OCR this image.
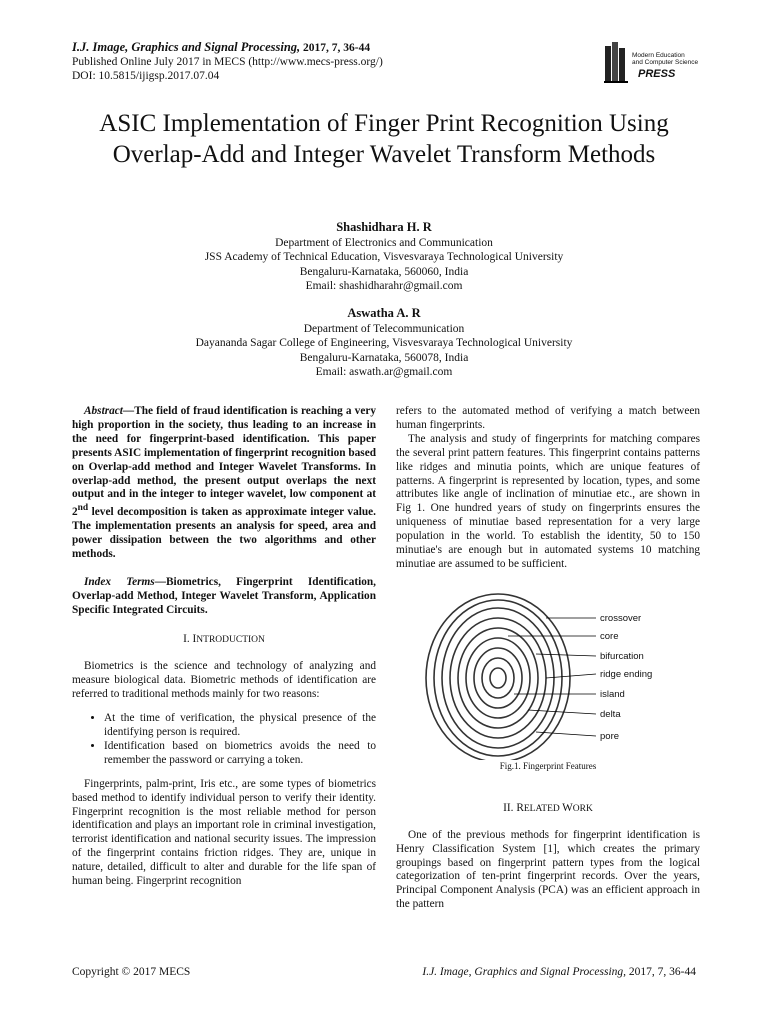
I.J. Image, Graphics and Signal Processing, 2017, 7, 36-44
Published Online July 2017 in MECS (http://www.mecs-press.org/)
DOI: 10.5815/ijigsp.2017.07.04
Modern Education
and Computer Science
PRESS
ASIC Implementation of Finger Print Recognition Using Overlap-Add and Integer Wavelet Transform Methods
Shashidhara H. R
Department of Electronics and Communication
JSS Academy of Technical Education, Visvesvaraya Technological University
Bengaluru-Karnataka, 560060, India
Email: shashidharahr@gmail.com
Aswatha A. R
Department of Telecommunication
Dayananda Sagar College of Engineering, Visvesvaraya Technological University
Bengaluru-Karnataka, 560078, India
Email: aswath.ar@gmail.com

Abstract—The field of fraud identification is reaching a very high proportion in the society, thus leading to an increase in the need for fingerprint-based identification. This paper presents ASIC implementation of fingerprint recognition based on Overlap-add method and Integer Wavelet Transforms. In overlap-add method, the present output overlaps the next output and in the integer to integer wavelet, low component at 2nd level decomposition is taken as approximate integer value. The implementation presents an analysis for speed, area and power dissipation between the two algorithms and other methods.

Index Terms—Biometrics, Fingerprint Identification, Overlap-add Method, Integer Wavelet Transform, Application Specific Integrated Circuits.

I. INTRODUCTION

Biometrics is the science and technology of analyzing and measure biological data. Biometric methods of identification are referred to traditional methods mainly for two reasons:

• At the time of verification, the physical presence of the identifying person is required.
• Identification based on biometrics avoids the need to remember the password or carrying a token.

Fingerprints, palm-print, Iris etc., are some types of biometrics based method to identify individual person to verify their identity. Fingerprint recognition is the most reliable method for person identification and plays an important role in criminal investigation, terrorist identification and national security issues. The impression of the fingerprint contains friction ridges. They are, unique in nature, detailed, difficult to alter and durable for the life span of human being. Fingerprint recognition

refers to the automated method of verifying a match between human fingerprints.

The analysis and study of fingerprints for matching compares the several print pattern features. This fingerprint contains patterns like ridges and minutia points, which are unique features of patterns. A fingerprint is represented by location, types, and some attributes like angle of inclination of minutiae etc., are shown in Fig 1. One hundred years of study on fingerprints ensures the uniqueness of minutiae based representation for a very large population in the world. To establish the identity, 50 to 150 minutiae's are enough but in automated systems 10 matching minutiae are assumed to be sufficient.

crossover
core
bifurcation
ridge ending
island
delta
pore

Fig.1. Fingerprint Features

II. RELATED WORK

One of the previous methods for fingerprint identification is Henry Classification System [1], which creates the primary groupings based on fingerprint pattern types from the logical categorization of ten-print fingerprint records. Over the years, Principal Component Analysis (PCA) was an efficient approach in the pattern

Copyright © 2017 MECS	I.J. Image, Graphics and Signal Processing, 2017, 7, 36-44
